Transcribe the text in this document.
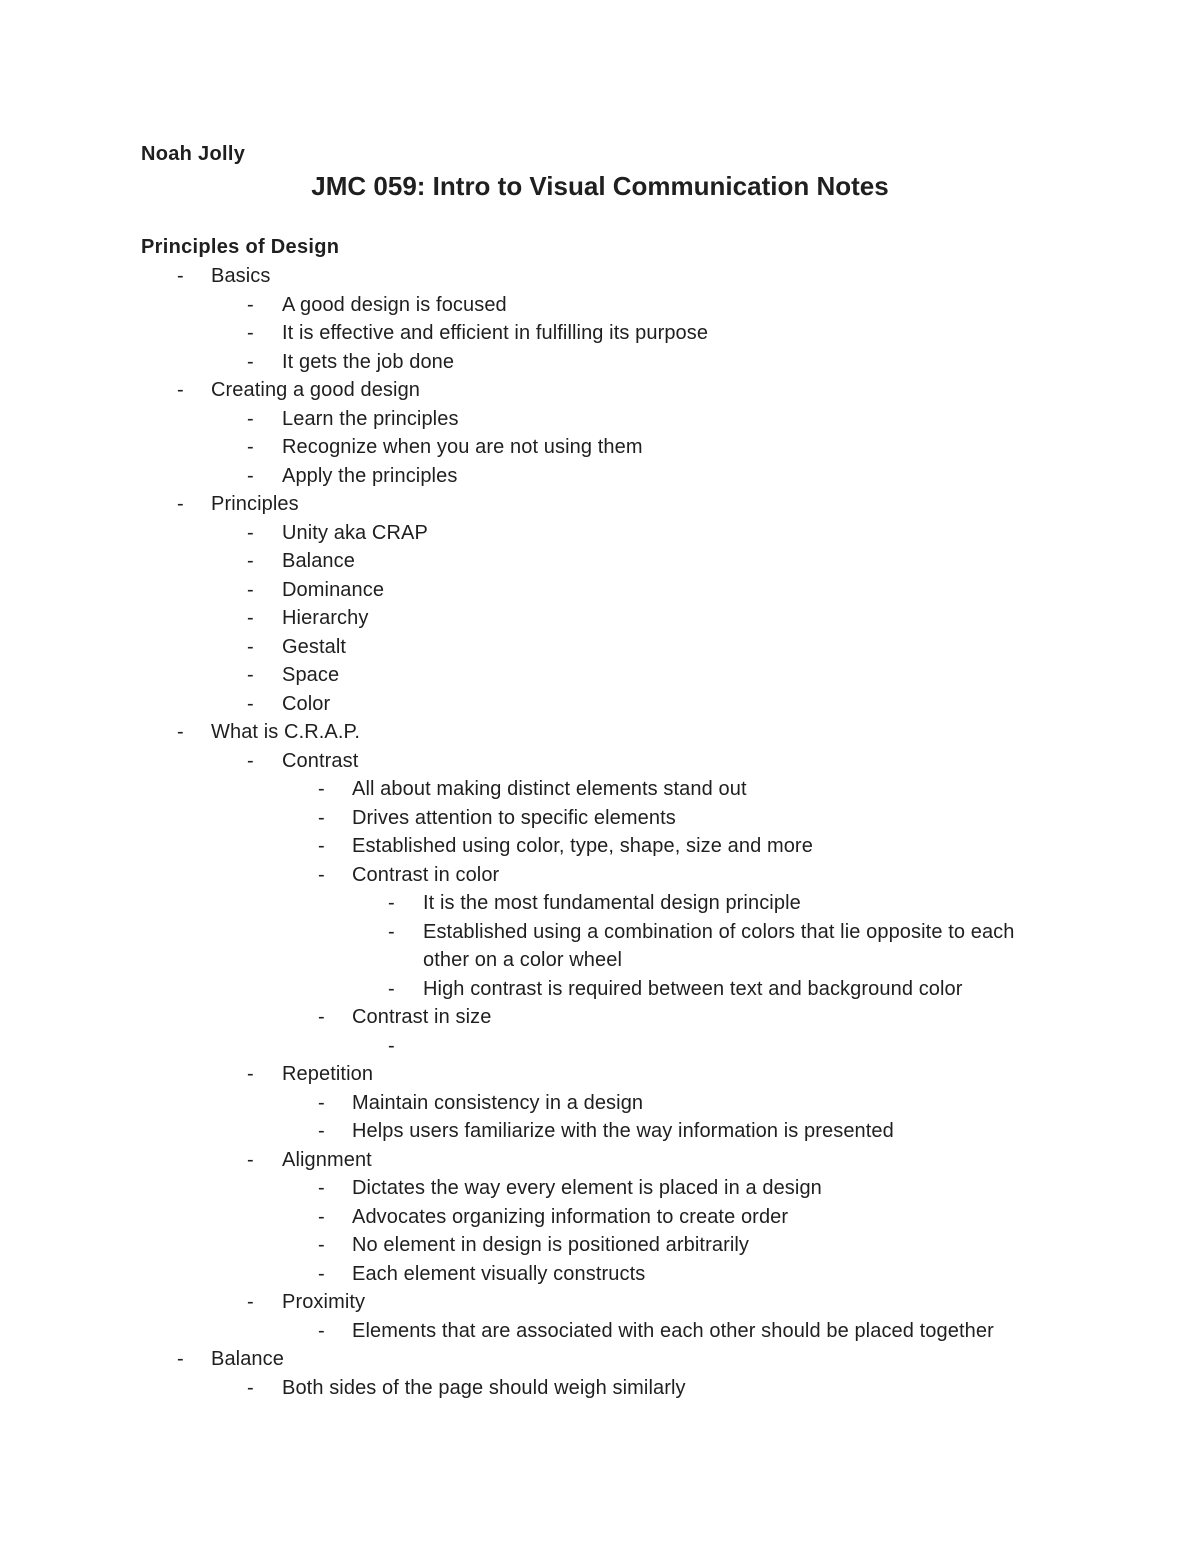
Noah Jolly
JMC 059: Intro to Visual Communication Notes
Principles of Design
- Basics
- A good design is focused
- It is effective and efficient in fulfilling its purpose
- It gets the job done
- Creating a good design
- Learn the principles
- Recognize when you are not using them
- Apply the principles
- Principles
- Unity aka CRAP
- Balance
- Dominance
- Hierarchy
- Gestalt
- Space
- Color
- What is C.R.A.P.
- Contrast
- All about making distinct elements stand out
- Drives attention to specific elements
- Established using color, type, shape, size and more
- Contrast in color
- It is the most fundamental design principle
- Established using a combination of colors that lie opposite to each other on a color wheel
- High contrast is required between text and background color
- Contrast in size
-

- Repetition
- Maintain consistency in a design
- Helps users familiarize with the way information is presented
- Alignment
- Dictates the way every element is placed in a design
- Advocates organizing information to create order
- No element in design is positioned arbitrarily
- Each element visually constructs
- Proximity
- Elements that are associated with each other should be placed together
- Balance
- Both sides of the page should weigh similarly
